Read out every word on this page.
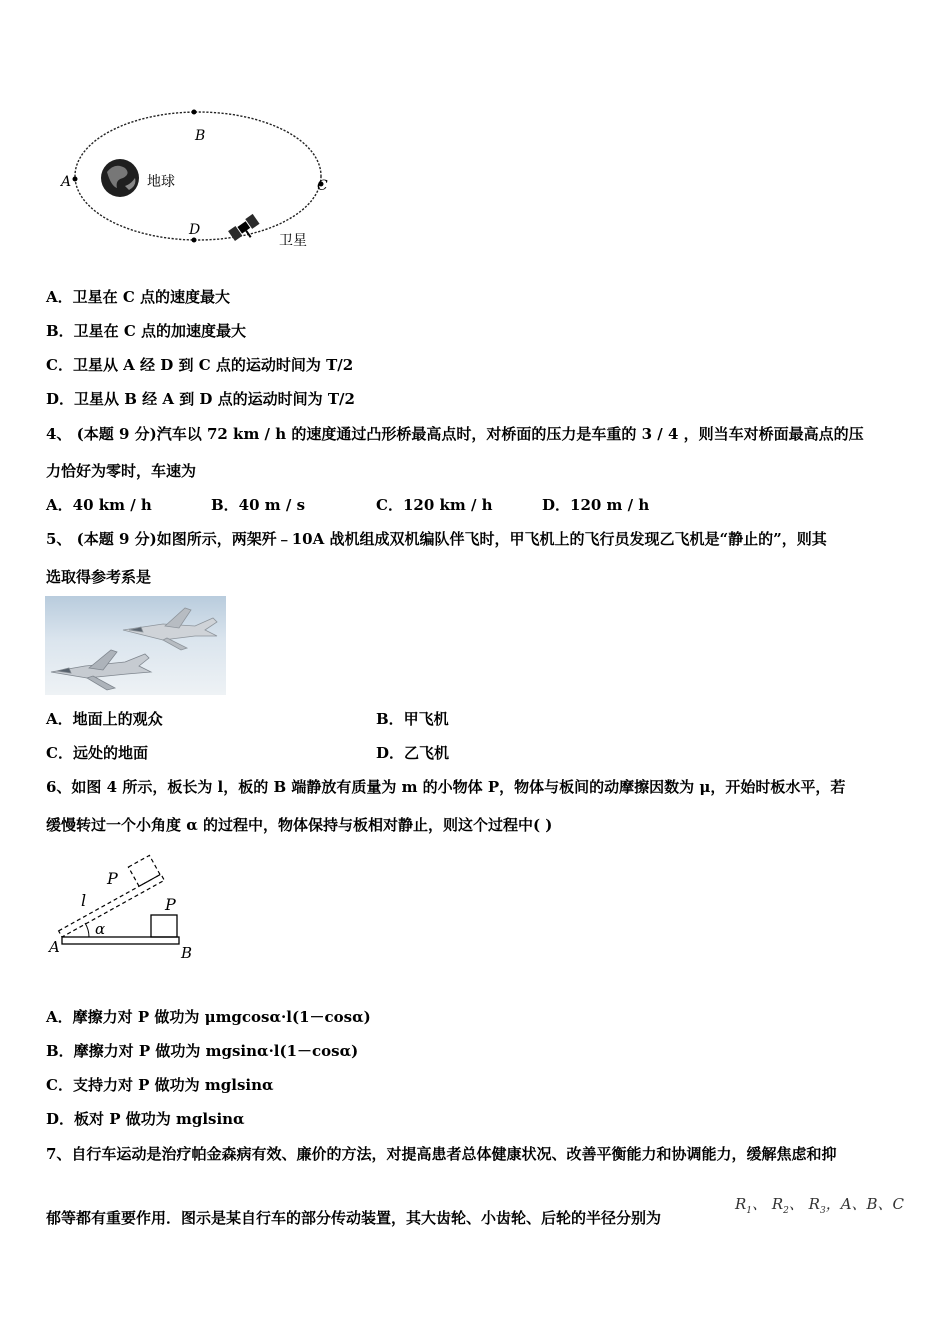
B
A	C
D
地球
卫星
A．卫星在 C 点的速度最大
B．卫星在 C 点的加速度最大
C．卫星从 A 经 D 到 C 点的运动时间为 T/2
D．卫星从 B 经 A 到 D 点的运动时间为 T/2
4、 (本题 9 分)汽车以 72 km / h 的速度通过凸形桥最高点时，对桥面的压力是车重的 3 / 4 ，则当车对桥面最高点的压
力恰好为零时，车速为
A．40 km / h	B．40 m / s	C．120 km / h	D．120 m / h
5、 (本题 9 分)如图所示，两架歼﹣10A 战机组成双机编队伴飞时，甲飞机上的飞行员发现乙飞机是“静止的”，则其
选取得参考系是
A．地面上的观众	B．甲飞机
C．远处的地面	D．乙飞机
6、如图 4 所示，板长为 l，板的 B 端静放有质量为 m 的小物体 P，物体与板间的动摩擦因数为 μ，开始时板水平，若
缓慢转过一个小角度 α 的过程中，物体保持与板相对静止，则这个过程中( )
P
P
l
α
A	B
A．摩擦力对 P 做功为 μmgcosα·l(1－cosα)
B．摩擦力对 P 做功为 mgsinα·l(1－cosα)
C．支持力对 P 做功为 mglsinα
D．板对 P 做功为 mglsinα
7、自行车运动是治疗帕金森病有效、廉价的方法，对提高患者总体健康状况、改善平衡能力和协调能力，缓解焦虑和抑
郁等都有重要作用．图示是某自行车的部分传动装置，其大齿轮、小齿轮、后轮的半径分别为
$R_1$、 $R_2$、 $R_3$，A、B、C
